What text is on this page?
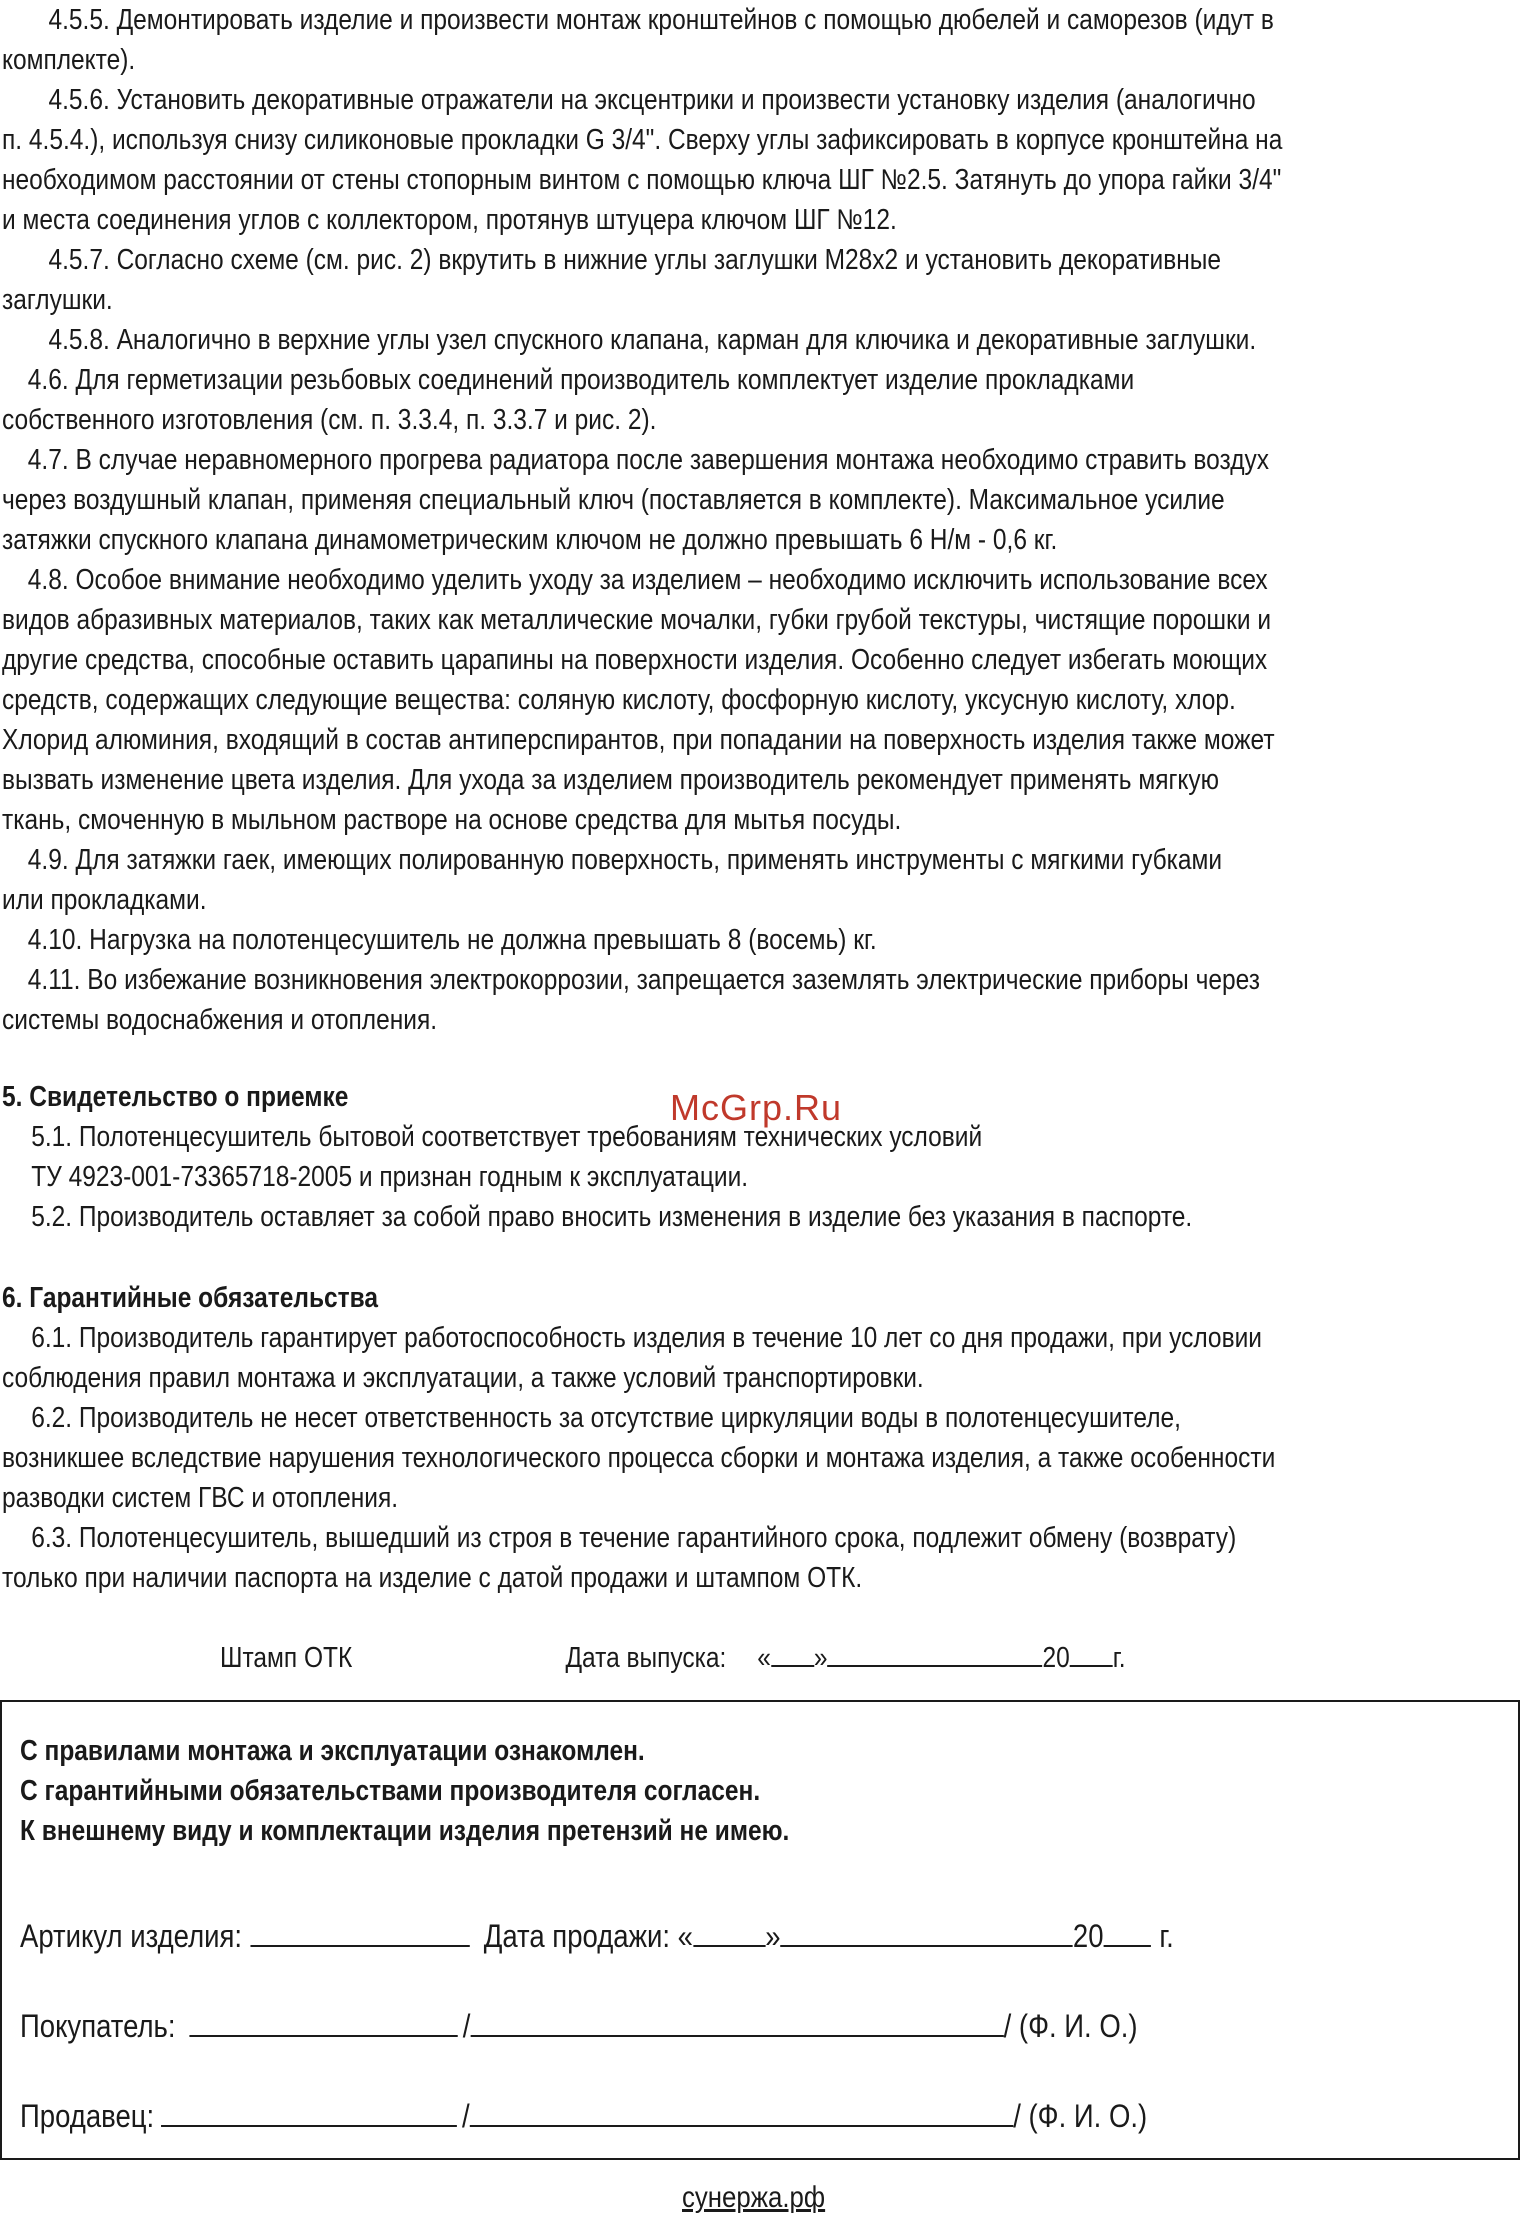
4.5.5. Демонтировать изделие и произвести монтаж кронштейнов с помощью дюбелей и саморезов (идут в
комплекте).
4.5.6. Установить декоративные отражатели на эксцентрики и произвести установку изделия (аналогично
п. 4.5.4.), используя снизу силиконовые прокладки G 3/4". Сверху углы зафиксировать в корпусе кронштейна на
необходимом расстоянии от стены стопорным винтом с помощью ключа ШГ №2.5. Затянуть до упора гайки 3/4"
и места соединения углов с коллектором, протянув штуцера ключом ШГ №12.
4.5.7. Согласно схеме (см. рис. 2) вкрутить в нижние углы заглушки М28х2 и установить декоративные
заглушки.
4.5.8. Аналогично в верхние углы узел спускного клапана, карман для ключика и декоративные заглушки.
4.6. Для герметизации резьбовых соединений производитель комплектует изделие прокладками
собственного изготовления (см. п. 3.3.4, п. 3.3.7 и рис. 2).
4.7. В случае неравномерного прогрева радиатора после завершения монтажа необходимо стравить воздух
через воздушный клапан, применяя специальный ключ (поставляется в комплекте). Максимальное усилие
затяжки спускного клапана динамометрическим ключом не должно превышать 6 Н/м - 0,6 кг.
4.8. Особое внимание необходимо уделить уходу за изделием – необходимо исключить использование всех
видов абразивных материалов, таких как металлические мочалки, губки грубой текстуры, чистящие порошки и
другие средства, способные оставить царапины на поверхности изделия. Особенно следует избегать моющих
средств, содержащих следующие вещества: соляную кислоту, фосфорную кислоту, уксусную кислоту, хлор.
Хлорид алюминия, входящий в состав антиперспирантов, при попадании на поверхность изделия также может
вызвать изменение цвета изделия. Для ухода за изделием производитель рекомендует применять мягкую
ткань, смоченную в мыльном растворе на основе средства для мытья посуды.
4.9. Для затяжки гаек, имеющих полированную поверхность, применять инструменты с мягкими губками
или прокладками.
4.10. Нагрузка на полотенцесушитель не должна превышать 8 (восемь) кг.
4.11. Во избежание возникновения электрокоррозии, запрещается заземлять электрические приборы через
системы водоснабжения и отопления.
5. Свидетельство о приемке
5.1. Полотенцесушитель бытовой соответствует требованиям технических условий
ТУ 4923-001-73365718-2005 и признан годным к эксплуатации.
5.2. Производитель оставляет за собой право вносить изменения в изделие без указания в паспорте.
6. Гарантийные обязательства
6.1. Производитель гарантирует работоспособность изделия в течение 10 лет со дня продажи, при условии
соблюдения правил монтажа и эксплуатации, а также условий транспортировки.
6.2. Производитель не несет ответственность за отсутствие циркуляции воды в полотенцесушителе,
возникшее вследствие нарушения технологического процесса сборки и монтажа изделия, а также особенности
разводки систем ГВС и отопления.
6.3. Полотенцесушитель, вышедший из строя в течение гарантийного срока, подлежит обмену (возврату)
только при наличии паспорта на изделие с датой продажи и штампом ОТК.
Штамп ОТК	Дата выпуска: « »	20 г.
С правилами монтажа и эксплуатации ознакомлен.
С гарантийными обязательствами производителя согласен.
К внешнему виду и комплектации изделия претензий не имею.
Артикул изделия:	Дата продажи: « »	20 г.
Покупатель:	/	/ (Ф. И. О.)
Продавец:	/	/ (Ф. И. О.)
McGrp.Ru
сунержа.рф
